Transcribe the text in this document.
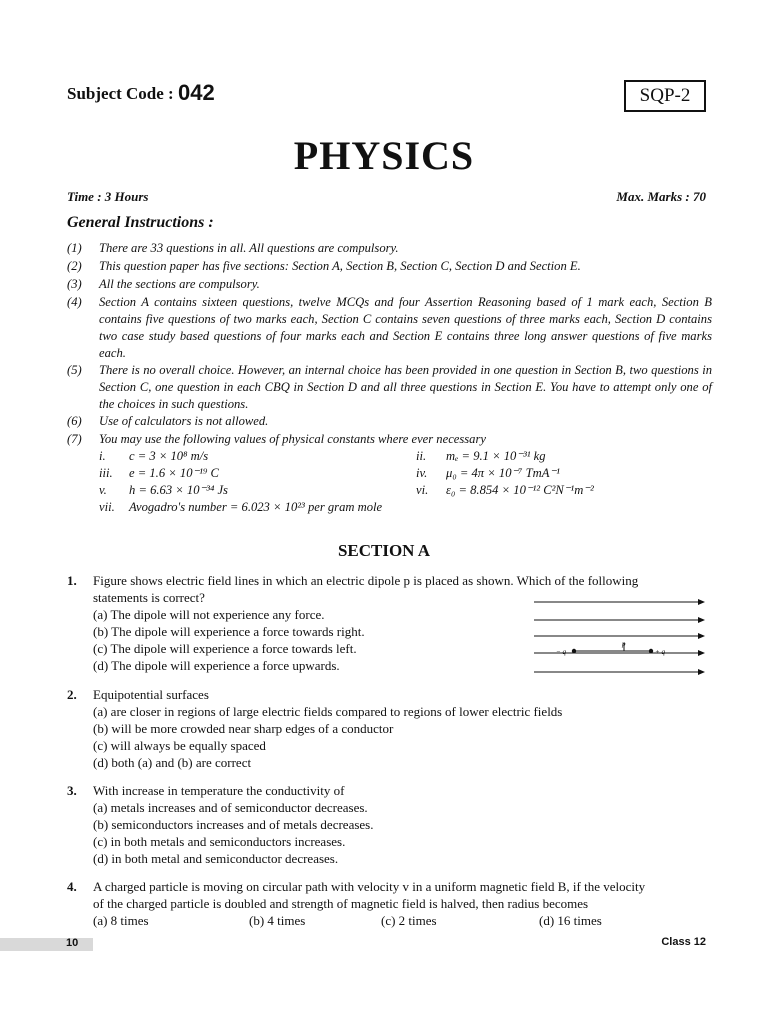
Subject Code : 042	SQP-2
PHYSICS
Time : 3 Hours	Max. Marks : 70
General Instructions :
(1)	There are 33 questions in all. All questions are compulsory.
(2)	This question paper has five sections: Section A, Section B, Section C, Section D and Section E.
(3)	All the sections are compulsory.
(4)	Section A contains sixteen questions, twelve MCQs and four Assertion Reasoning based of 1 mark each, Section B contains five questions of two marks each, Section C contains seven questions of three marks each, Section D contains two case study based questions of four marks each and Section E contains three long answer questions of five marks each.
(5)	There is no overall choice. However, an internal choice has been provided in one question in Section B, two questions in Section C, one question in each CBQ in Section D and all three questions in Section E. You have to attempt only one of the choices in such questions.
(6)	Use of calculators is not allowed.
(7)	You may use the following values of physical constants where ever necessary
i. c = 3 × 10⁸ m/s	ii. mₑ = 9.1 × 10⁻³¹ kg
iii. e = 1.6 × 10⁻¹⁹ C	iv. μ₀ = 4π × 10⁻⁷ TmA⁻¹
v. h = 6.63 × 10⁻³⁴ Js	vi. ε₀ = 8.854 × 10⁻¹² C²N⁻¹m⁻²
vii. Avogadro's number = 6.023 × 10²³ per gram mole
SECTION A
1. Figure shows electric field lines in which an electric dipole p is placed as shown. Which of the following
statements is correct?
(a) The dipole will not experience any force.
(b) The dipole will experience a force towards right.
(c) The dipole will experience a force towards left.
(d) The dipole will experience a force upwards.
− q	+ q
p⃗
2. Equipotential surfaces
(a) are closer in regions of large electric fields compared to regions of lower electric fields
(b) will be more crowded near sharp edges of a conductor
(c) will always be equally spaced
(d) both (a) and (b) are correct
3. With increase in temperature the conductivity of
(a) metals increases and of semiconductor decreases.
(b) semiconductors increases and of metals decreases.
(c) in both metals and semiconductors increases.
(d) in both metal and semiconductor decreases.
4. A charged particle is moving on circular path with velocity v in a uniform magnetic field B, if the velocity
of the charged particle is doubled and strength of magnetic field is halved, then radius becomes
(a) 8 times	(b) 4 times	(c) 2 times	(d) 16 times
10	Class 12
